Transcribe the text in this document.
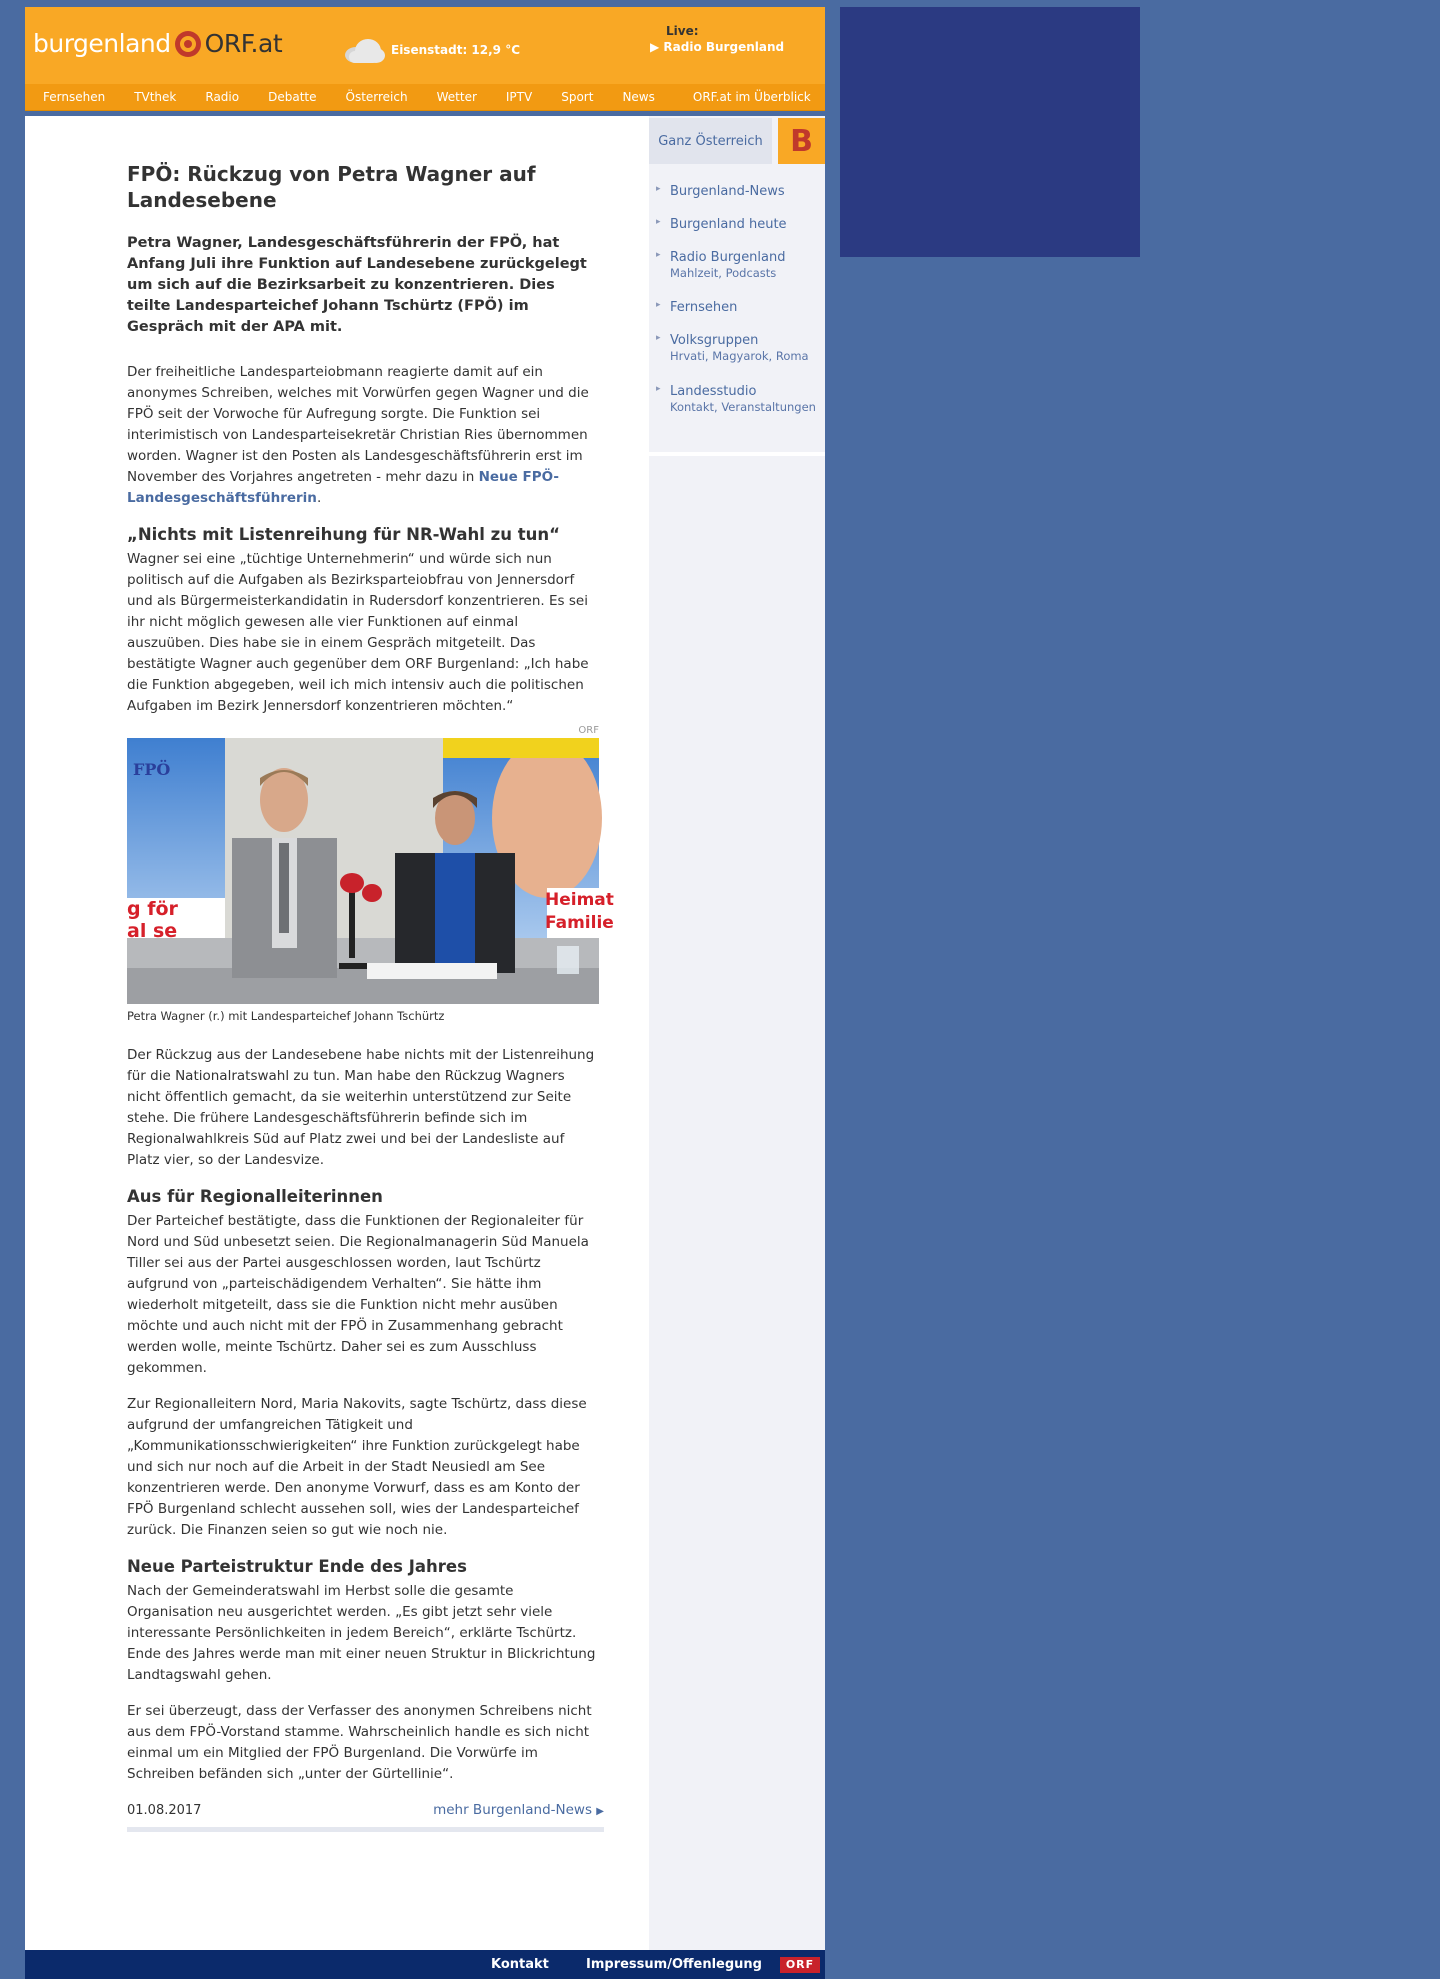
burgenland ORF.at	Eisenstadt: 12,9 °C
Live:
▶ Radio Burgenland
Fernsehen TVthek Radio Debatte Österreich Wetter IPTV Sport News	ORF.at im Überblick
Ganz Österreich B
▸ Burgenland-News
▸ Burgenland heute
▸ Radio Burgenland
Mahlzeit, Podcasts
▸ Fernsehen
▸ Volksgruppen
Hrvati, Magyarok, Roma
▸ Landesstudio
Kontakt, Veranstaltungen
FPÖ: Rückzug von Petra Wagner auf Landesebene

Petra Wagner, Landesgeschäftsführerin der FPÖ, hat Anfang Juli ihre Funktion auf Landesebene zurückgelegt um sich auf die Bezirksarbeit zu konzentrieren. Dies teilte Landesparteichef Johann Tschürtz (FPÖ) im Gespräch mit der APA mit.

Der freiheitliche Landesparteiobmann reagierte damit auf ein anonymes Schreiben, welches mit Vorwürfen gegen Wagner und die FPÖ seit der Vorwoche für Aufregung sorgte. Die Funktion sei interimistisch von Landesparteisekretär Christian Ries übernommen worden. Wagner ist den Posten als Landesgeschäftsführerin erst im November des Vorjahres angetreten - mehr dazu in Neue FPÖ-Landesgeschäftsführerin.

„Nichts mit Listenreihung für NR-Wahl zu tun“

Wagner sei eine „tüchtige Unternehmerin“ und würde sich nun politisch auf die Aufgaben als Bezirksparteiobfrau von Jennersdorf und als Bürgermeisterkandidatin in Rudersdorf konzentrieren. Es sei ihr nicht möglich gewesen alle vier Funktionen auf einmal auszuüben. Dies habe sie in einem Gespräch mitgeteilt. Das bestätigte Wagner auch gegenüber dem ORF Burgenland: „Ich habe die Funktion abgegeben, weil ich mich intensiv auch die politischen Aufgaben im Bezirk Jennersdorf konzentrieren möchten.“

ORF
FPÖ
g för
al se
Heimat
Familie
Petra Wagner (r.) mit Landesparteichef Johann Tschürtz

Der Rückzug aus der Landesebene habe nichts mit der Listenreihung für die Nationalratswahl zu tun. Man habe den Rückzug Wagners nicht öffentlich gemacht, da sie weiterhin unterstützend zur Seite stehe. Die frühere Landesgeschäftsführerin befinde sich im Regionalwahlkreis Süd auf Platz zwei und bei der Landesliste auf Platz vier, so der Landesvize.

Aus für Regionalleiterinnen

Der Parteichef bestätigte, dass die Funktionen der Regionaleiter für Nord und Süd unbesetzt seien. Die Regionalmanagerin Süd Manuela Tiller sei aus der Partei ausgeschlossen worden, laut Tschürtz aufgrund von „parteischädigendem Verhalten“. Sie hätte ihm wiederholt mitgeteilt, dass sie die Funktion nicht mehr ausüben möchte und auch nicht mit der FPÖ in Zusammenhang gebracht werden wolle, meinte Tschürtz. Daher sei es zum Ausschluss gekommen.

Zur Regionalleitern Nord, Maria Nakovits, sagte Tschürtz, dass diese aufgrund der umfangreichen Tätigkeit und „Kommunikationsschwierigkeiten“ ihre Funktion zurückgelegt habe und sich nur noch auf die Arbeit in der Stadt Neusiedl am See konzentrieren werde. Den anonyme Vorwurf, dass es am Konto der FPÖ Burgenland schlecht aussehen soll, wies der Landesparteichef zurück. Die Finanzen seien so gut wie noch nie.

Neue Parteistruktur Ende des Jahres

Nach der Gemeinderatswahl im Herbst solle die gesamte Organisation neu ausgerichtet werden. „Es gibt jetzt sehr viele interessante Persönlichkeiten in jedem Bereich“, erklärte Tschürtz. Ende des Jahres werde man mit einer neuen Struktur in Blickrichtung Landtagswahl gehen.

Er sei überzeugt, dass der Verfasser des anonymen Schreibens nicht aus dem FPÖ-Vorstand stamme. Wahrscheinlich handle es sich nicht einmal um ein Mitglied der FPÖ Burgenland. Die Vorwürfe im Schreiben befänden sich „unter der Gürtellinie“.

01.08.2017	mehr Burgenland-News ▶
Kontakt	Impressum/Offenlegung	ORF
